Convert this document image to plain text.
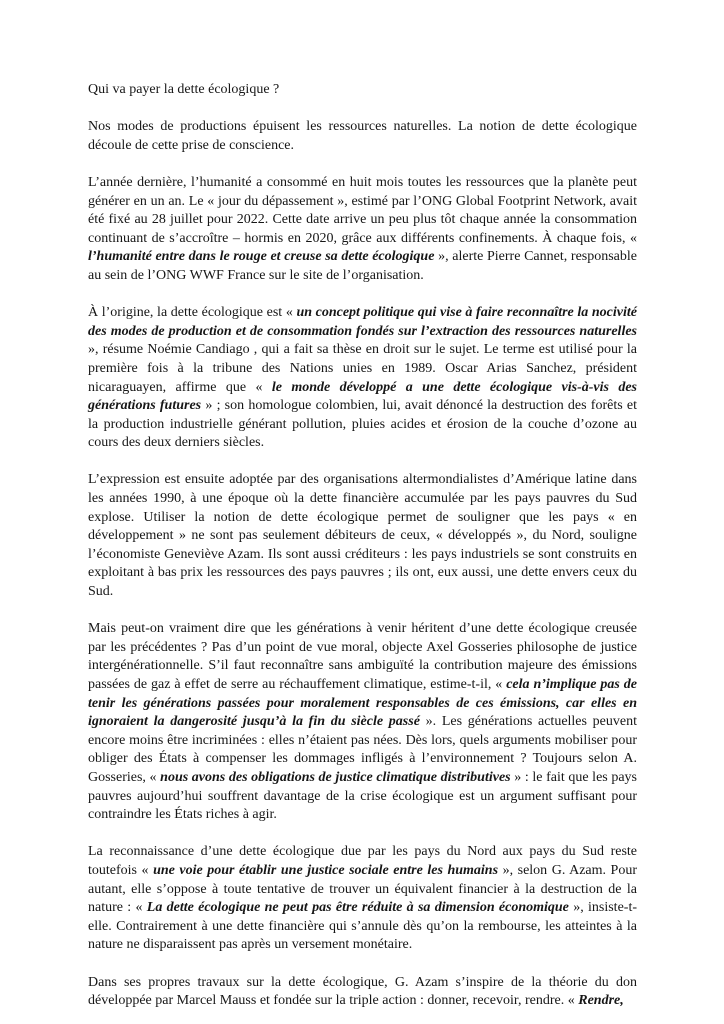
Qui va payer la dette écologique ?

Nos modes de productions épuisent les ressources naturelles. La notion de dette écologique découle de cette prise de conscience.

L’année dernière, l’humanité a consommé en huit mois toutes les ressources que la planète peut générer en un an. Le « jour du dépassement », estimé par l’ONG Global Footprint Network, avait été fixé au 28 juillet pour 2022. Cette date arrive un peu plus tôt chaque année la consommation continuant de s’accroître – hormis en 2020, grâce aux différents confinements. À chaque fois, « l’humanité entre dans le rouge et creuse sa dette écologique », alerte Pierre Cannet, responsable au sein de l’ONG WWF France sur le site de l’organisation.

À l’origine, la dette écologique est « un concept politique qui vise à faire reconnaître la nocivité des modes de production et de consommation fondés sur l’extraction des ressources naturelles », résume Noémie Candiago , qui a fait sa thèse en droit sur le sujet. Le terme est utilisé pour la première fois à la tribune des Nations unies en 1989. Oscar Arias Sanchez, président nicaraguayen, affirme que « le monde développé a une dette écologique vis-à-vis des générations futures » ; son homologue colombien, lui, avait dénoncé la destruction des forêts et la production industrielle générant pollution, pluies acides et érosion de la couche d’ozone au cours des deux derniers siècles.

L’expression est ensuite adoptée par des organisations altermondialistes d’Amérique latine dans les années 1990, à une époque où la dette financière accumulée par les pays pauvres du Sud explose. Utiliser la notion de dette écologique permet de souligner que les pays « en développement » ne sont pas seulement débiteurs de ceux, « développés », du Nord, souligne l’économiste Geneviève Azam. Ils sont aussi créditeurs : les pays industriels se sont construits en exploitant à bas prix les ressources des pays pauvres ; ils ont, eux aussi, une dette envers ceux du Sud.

Mais peut-on vraiment dire que les générations à venir héritent d’une dette écologique creusée par les précédentes ? Pas d’un point de vue moral, objecte Axel Gosseries philosophe de justice intergénérationnelle. S’il faut reconnaître sans ambiguïté la contribution majeure des émissions passées de gaz à effet de serre au réchauffement climatique, estime-t-il, « cela n’implique pas de tenir les générations passées pour moralement responsables de ces émissions, car elles en ignoraient la dangerosité jusqu’à la fin du siècle passé ». Les générations actuelles peuvent encore moins être incriminées : elles n’étaient pas nées. Dès lors, quels arguments mobiliser pour obliger des États à compenser les dommages infligés à l’environnement ? Toujours selon A. Gosseries, « nous avons des obligations de justice climatique distributives » : le fait que les pays pauvres aujourd’hui souffrent davantage de la crise écologique est un argument suffisant pour contraindre les États riches à agir.

La reconnaissance d’une dette écologique due par les pays du Nord aux pays du Sud reste toutefois « une voie pour établir une justice sociale entre les humains », selon G. Azam. Pour autant, elle s’oppose à toute tentative de trouver un équivalent financier à la destruction de la nature : « La dette écologique ne peut pas être réduite à sa dimension économique », insiste-t-elle. Contrairement à une dette financière qui s’annule dès qu’on la rembourse, les atteintes à la nature ne disparaissent pas après un versement monétaire.

Dans ses propres travaux sur la dette écologique, G. Azam s’inspire de la théorie du don développée par Marcel Mauss et fondée sur la triple action : donner, recevoir, rendre. « Rendre,
